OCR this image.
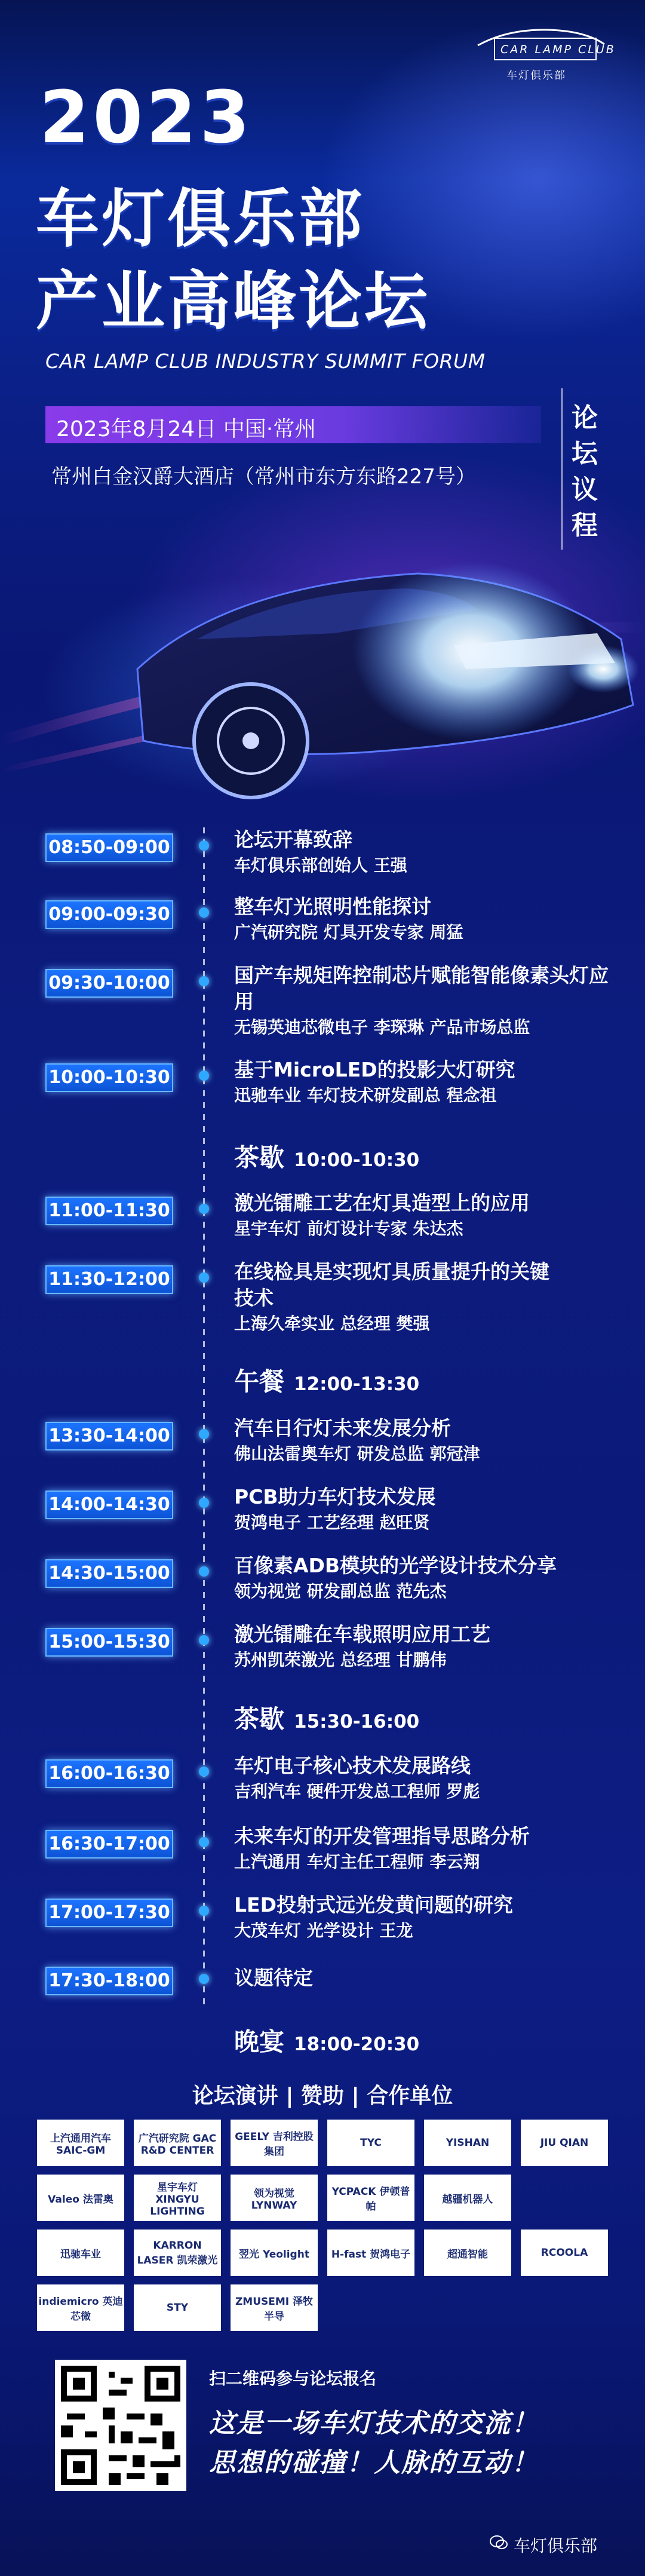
CAR LAMP CLUB
车灯俱乐部
2023
车灯俱乐部
产业高峰论坛
CAR LAMP CLUB INDUSTRY SUMMIT FORUM
2023年8月24日 中国·常州
常州白金汉爵大酒店（常州市东方东路227号）
论坛议程
08:50-09:00	论坛开幕致辞
车灯俱乐部创始人 王强
09:00-09:30	整车灯光照明性能探讨
广汽研究院 灯具开发专家 周猛
09:30-10:00	国产车规矩阵控制芯片赋能智能像素头灯应用
无锡英迪芯微电子 李琛琳 产品市场总监
10:00-10:30	基于MicroLED的投影大灯研究
迅驰车业 车灯技术研发副总 程念祖
茶歇 10:00-10:30
11:00-11:30	激光镭雕工艺在灯具造型上的应用
星宇车灯 前灯设计专家 朱达杰
11:30-12:00	在线检具是实现灯具质量提升的关键技术
上海久牵实业 总经理 樊强
午餐 12:00-13:30
13:30-14:00	汽车日行灯未来发展分析
佛山法雷奥车灯 研发总监 郭冠津
14:00-14:30	PCB助力车灯技术发展
贺鸿电子 工艺经理 赵旺贤
14:30-15:00	百像素ADB模块的光学设计技术分享
领为视觉 研发副总监 范先杰
15:00-15:30	激光镭雕在车载照明应用工艺
苏州凯荣激光 总经理 甘鹏伟
茶歇 15:30-16:00
16:00-16:30	车灯电子核心技术发展路线
吉利汽车 硬件开发总工程师 罗彪
16:30-17:00	未来车灯的开发管理指导思路分析
上汽通用 车灯主任工程师 李云翔
17:00-17:30	LED投射式远光发黄问题的研究
大茂车灯 光学设计 王龙
17:30-18:00	议题待定
晚宴 18:00-20:30
论坛演讲 | 赞助 | 合作单位
上汽通用汽车 SAIC-GM
广汽研究院 GAC R&D CENTER
GEELY 吉利控股集团
TYC	YISHAN	JIU QIAN
Valeo 法雷奥
星宇车灯 XINGYU LIGHTING
领为视觉 LYNWAY
YCPACK 伊顿普帕
越疆机器人
迅驰车业
KARRON LASER 凯荣激光	翌光 Yeolight	H-fast 贺鸿电子	超通智能	RCOOLA
indiemicro 英迪芯微
STY	ZMUSEMI 泽牧半导
扫二维码参与论坛报名
这是一场车灯技术的交流！
思想的碰撞！人脉的互动！
车灯俱乐部
